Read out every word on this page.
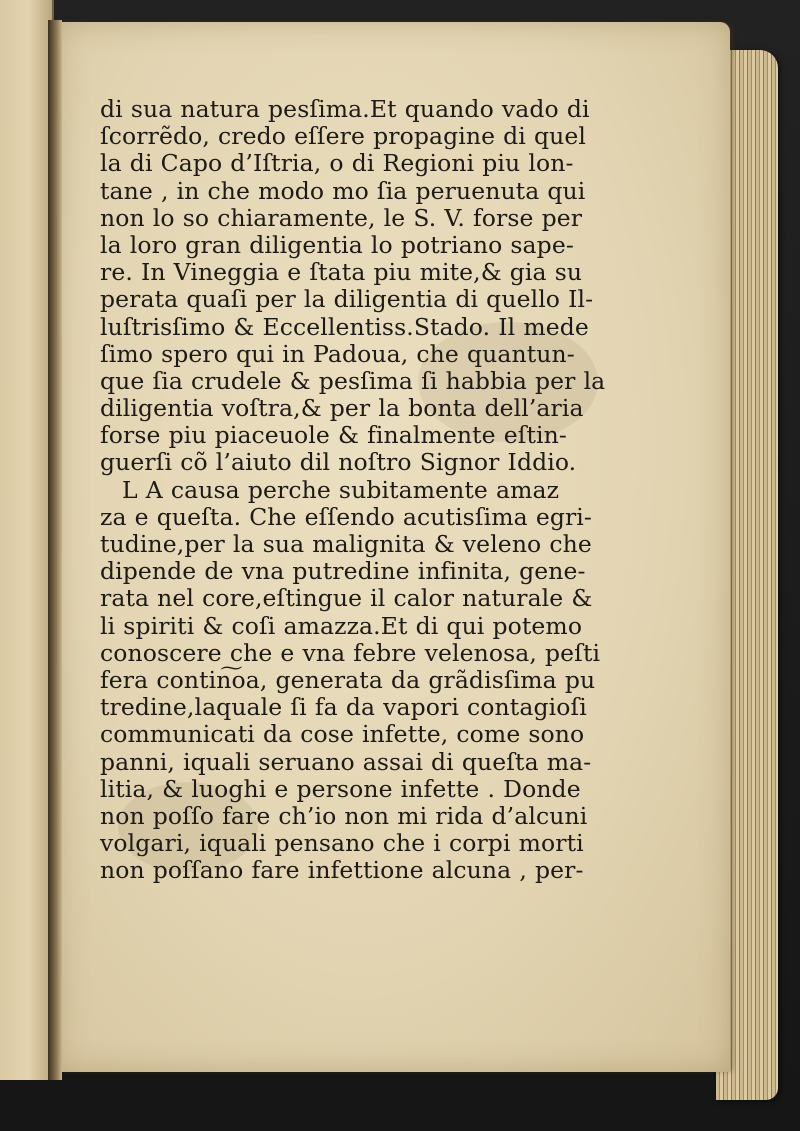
di sua natura pesſima.Et quando vado di
ſcorrẽdo, credo eſſere propagine di quel
la di Capo d’Iſtria, o di Regioni piu lon-
tane , in che modo mo ſia peruenuta qui
non lo so chiaramente, le S. V. forse per
la loro gran diligentia lo potriano sape-
re. In Vineggia e ſtata piu mite,& gia su
perata quaſi per la diligentia di quello Il-
luſtrisſimo & Eccellentiss.Stado. Il mede
ſimo spero qui in Padoua, che quantun-
que ſia crudele & pesſima ſi habbia per la
diligentia voſtra,& per la bonta dell’aria
forse piu piaceuole & finalmente eſtin-
guerſi cõ l’aiuto dil noſtro Signor Iddio.
L A causa perche subitamente amaz
za e queſta. Che eſſendo acutisſima egri-
tudine,per la sua malignita & veleno che
dipende de vna putredine infinita, gene-
rata nel core,eſtingue il calor naturale &
li spiriti & coſi amazza.Et di qui potemo
conoscere che e vna febre velenosa, peſti
fera contin͠oa, generata da grãdisſima pu
tredine,laquale ſi fa da vapori contagioſi
communicati da cose infette, come sono
panni, iquali seruano assai di queſta ma-
litia, & luoghi e persone infette . Donde
non poſſo fare ch’io non mi rida d’alcuni
volgari, iquali pensano che i corpi morti
non poſſano fare infettione alcuna , per-
